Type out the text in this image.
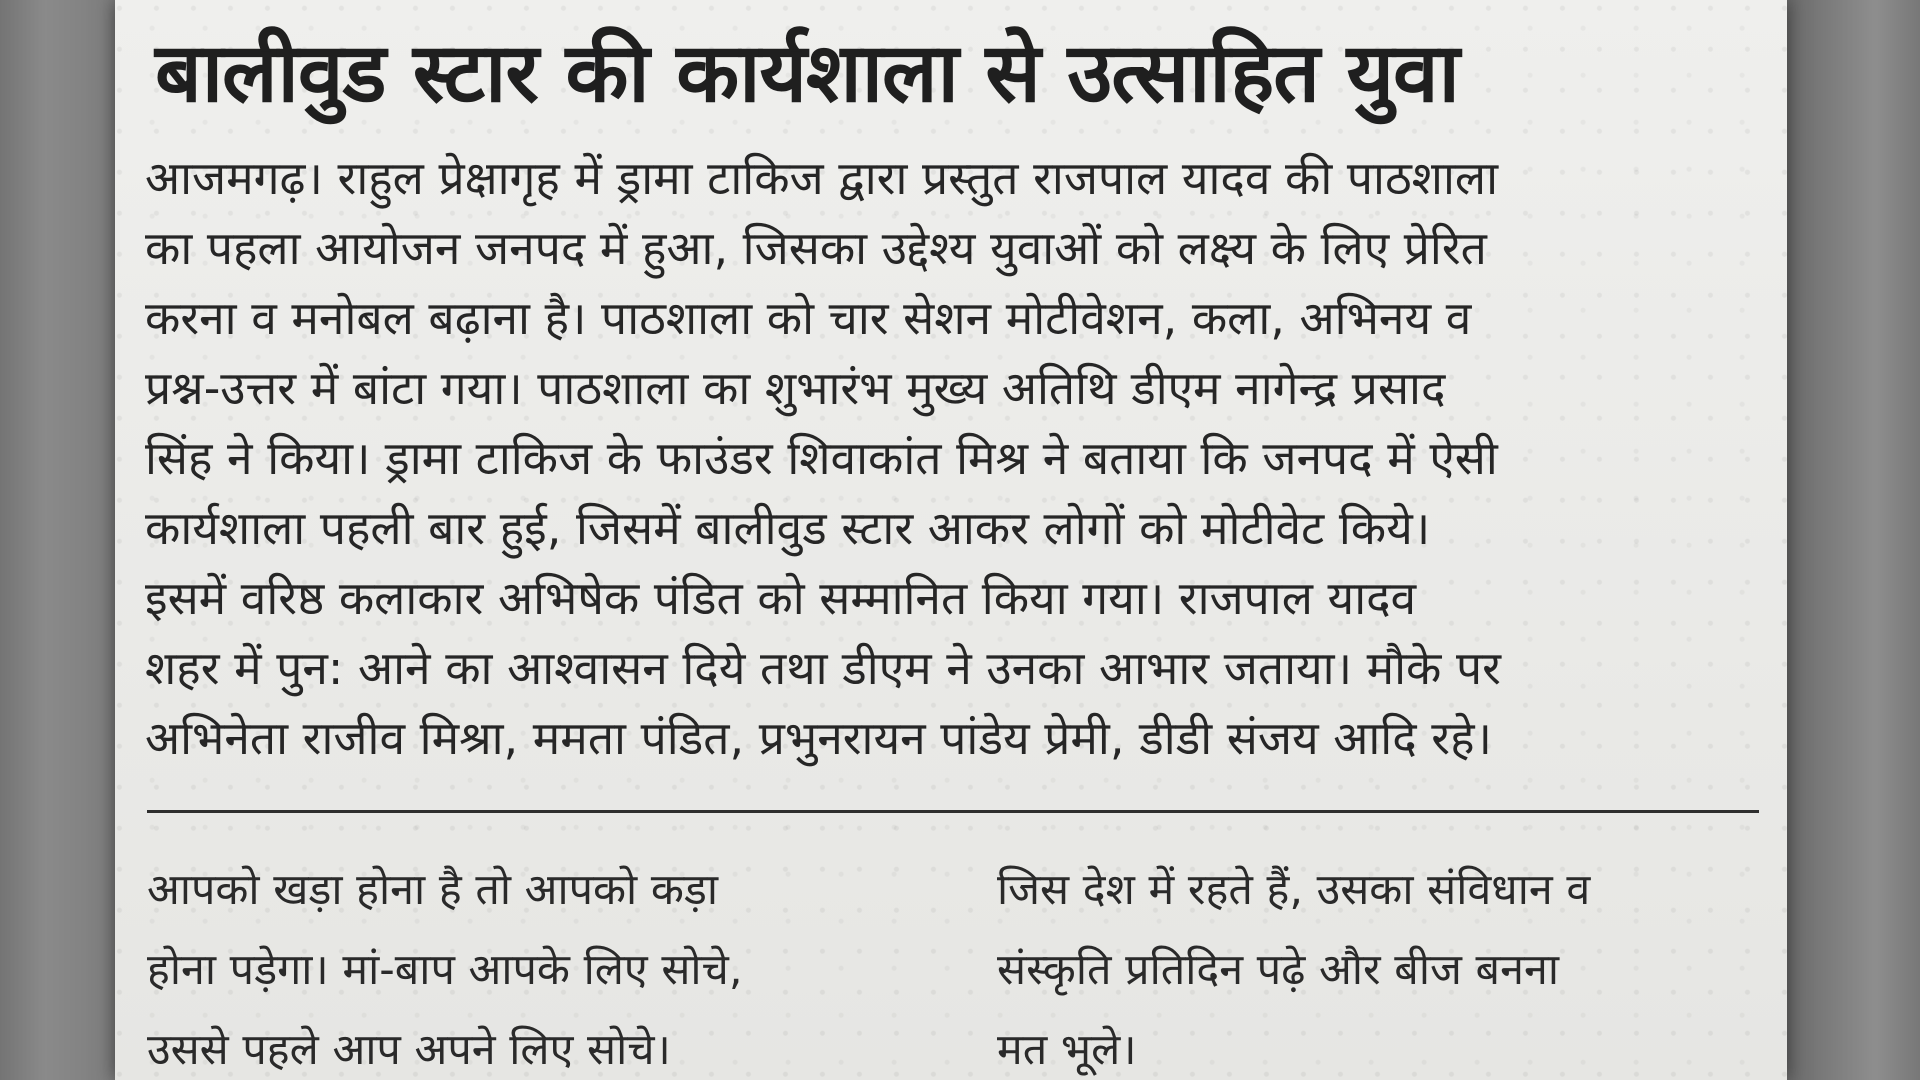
बालीवुड स्टार की कार्यशाला से उत्साहित युवा
आजमगढ़। राहुल प्रेक्षागृह में ड्रामा टाकिज द्वारा प्रस्तुत राजपाल यादव की पाठशाला
का पहला आयोजन जनपद में हुआ, जिसका उद्देश्य युवाओं को लक्ष्य के लिए प्रेरित
करना व मनोबल बढ़ाना है। पाठशाला को चार सेशन मोटीवेशन, कला, अभिनय व
प्रश्न-उत्तर में बांटा गया। पाठशाला का शुभारंभ मुख्य अतिथि डीएम नागेन्द्र प्रसाद
सिंह ने किया। ड्रामा टाकिज के फाउंडर शिवाकांत मिश्र ने बताया कि जनपद में ऐसी
कार्यशाला पहली बार हुई, जिसमें बालीवुड स्टार आकर लोगों को मोटीवेट किये।
इसमें वरिष्ठ कलाकार अभिषेक पंडित को सम्मानित किया गया। राजपाल यादव
शहर में पुन: आने का आश्वासन दिये तथा डीएम ने उनका आभार जताया। मौके पर
अभिनेता राजीव मिश्रा, ममता पंडित, प्रभुनरायन पांडेय प्रेमी, डीडी संजय आदि रहे।
आपको खड़ा होना है तो आपको कड़ा
होना पड़ेगा। मां-बाप आपके लिए सोचे,
उससे पहले आप अपने लिए सोचे।
जिस देश में रहते हैं, उसका संविधान व
संस्कृति प्रतिदिन पढ़े और बीज बनना
मत भूले।
